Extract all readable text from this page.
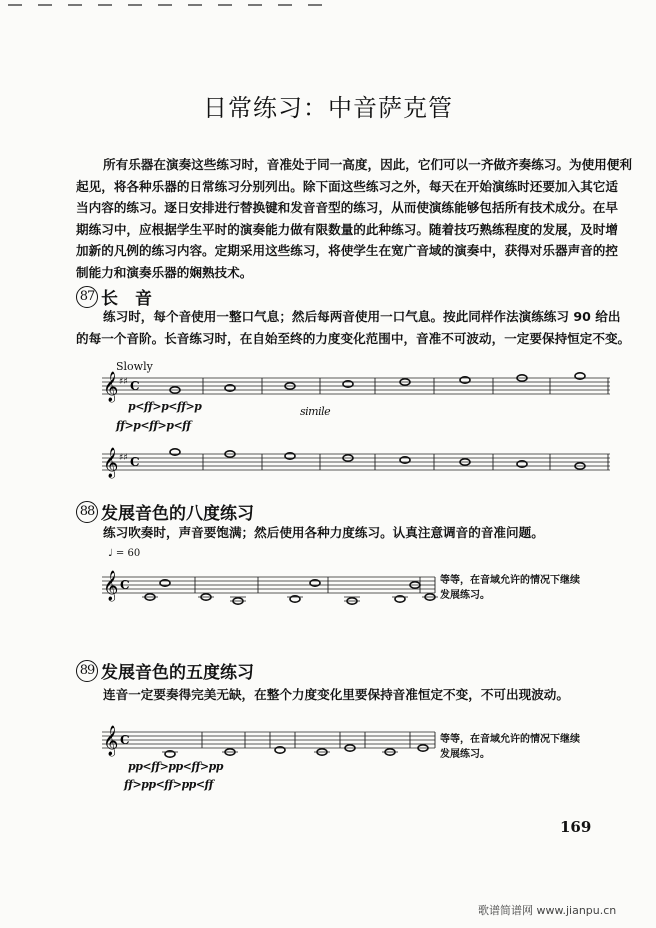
日常练习：中音萨克管
所有乐器在演奏这些练习时，音准处于同一高度，因此，它们可以一齐做齐奏练习。为使用便利
起见，将各种乐器的日常练习分别列出。除下面这些练习之外，每天在开始演练时还要加入其它适
当内容的练习。逐日安排进行替换键和发音音型的练习，从而使演练能够包括所有技术成分。在早
期练习中，应根据学生平时的演奏能力做有限数量的此种练习。随着技巧熟练程度的发展，及时增
加新的凡例的练习内容。定期采用这些练习，将使学生在宽广音域的演奏中，获得对乐器声音的控
制能力和演奏乐器的娴熟技术。
87 长　音
练习时，每个音使用一整口气息；然后每两音使用一口气息。按此同样作法演练练习 90 给出
的每一个音阶。长音练习时，在自始至终的力度变化范围中，音准不可波动，一定要保持恒定不变。
Slowly
𝄞 ♯♯ C
𝄞 ♯♯ C
p<ff>p<ff>p
ff>p<ff>p<ff
simile
88 发展音色的八度练习
练习吹奏时，声音要饱满；然后使用各种力度练习。认真注意调音的音准问题。
♩ = 60
𝄞 C	等等，在音域允许的情况下继续
发展练习。
89 发展音色的五度练习
连音一定要奏得完美无缺，在整个力度变化里要保持音准恒定不变，不可出现波动。
𝄞 C
pp<ff>pp<ff>pp
ff>pp<ff>pp<ff
等等，在音域允许的情况下继续
发展练习。
169
歌谱简谱网 www.jianpu.cn
